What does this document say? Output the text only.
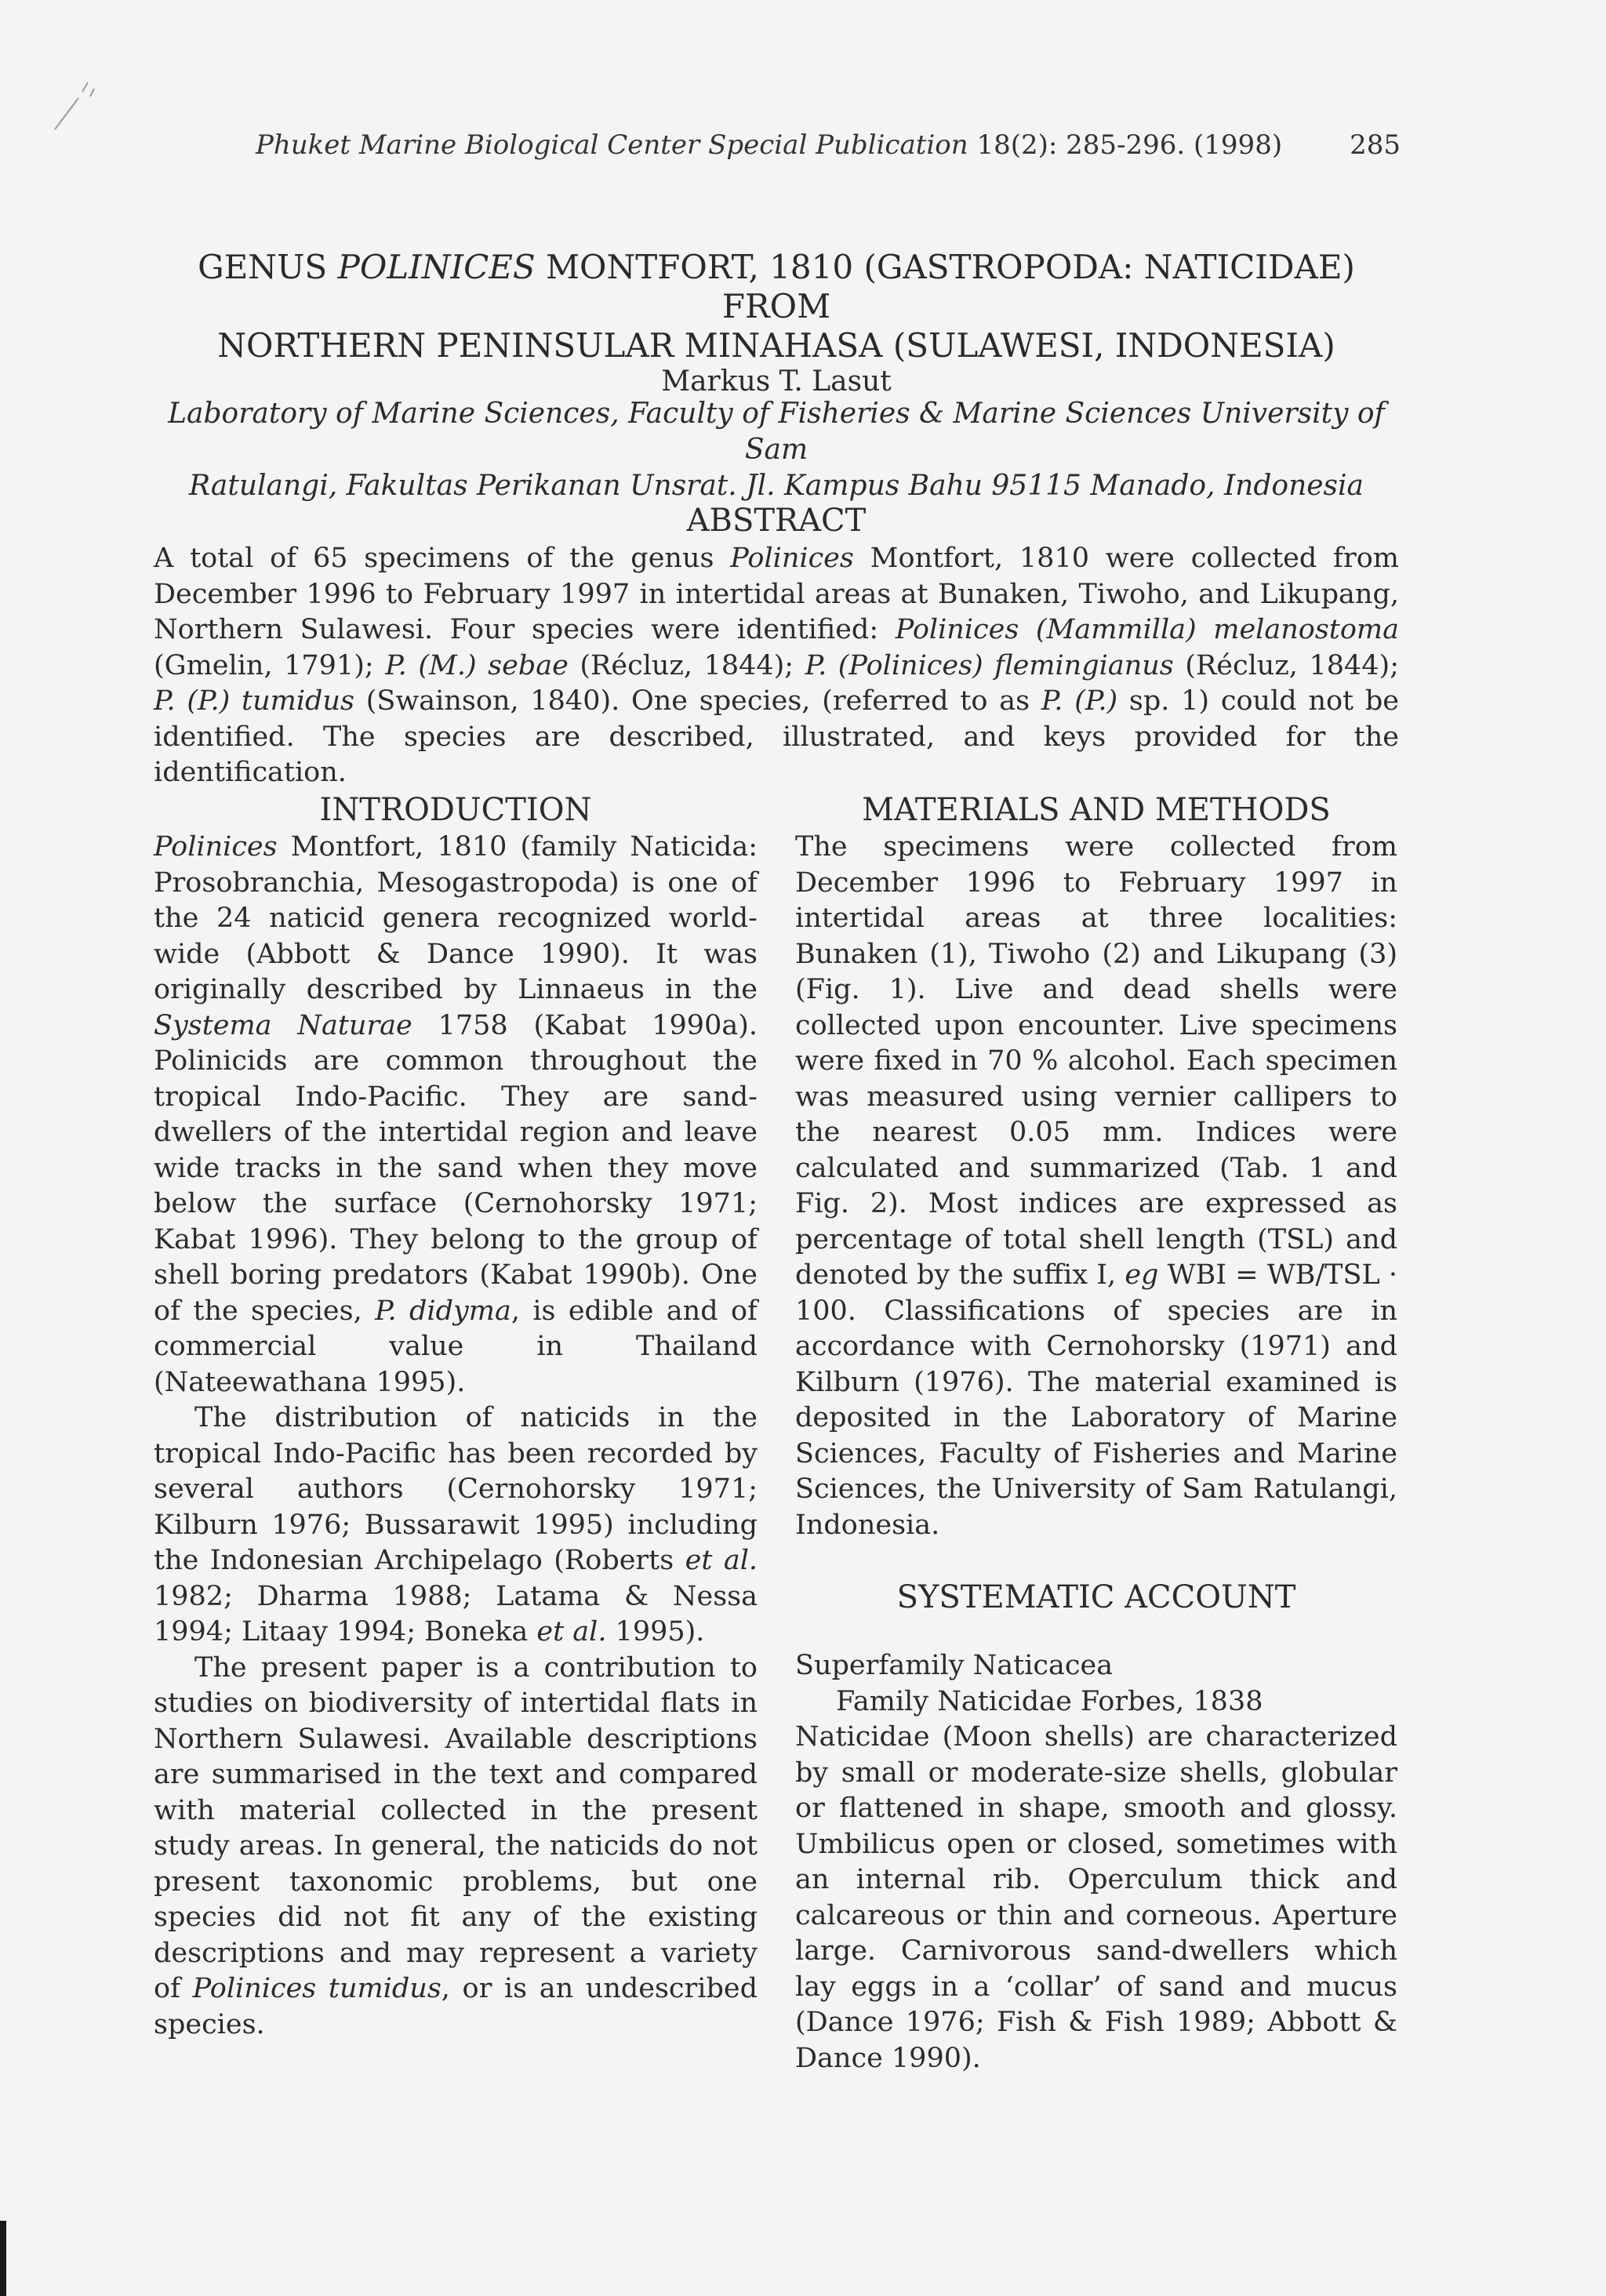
Phuket Marine Biological Center Special Publication 18(2): 285-296. (1998)	285
GENUS POLINICES MONTFORT, 1810 (GASTROPODA: NATICIDAE) FROM
NORTHERN PENINSULAR MINAHASA (SULAWESI, INDONESIA)
Markus T. Lasut
Laboratory of Marine Sciences, Faculty of Fisheries & Marine Sciences University of Sam
Ratulangi, Fakultas Perikanan Unsrat. Jl. Kampus Bahu 95115 Manado, Indonesia
ABSTRACT

A total of 65 specimens of the genus Polinices Montfort, 1810 were collected from December 1996 to February 1997 in intertidal areas at Bunaken, Tiwoho, and Likupang, Northern Sulawesi. Four species were identified: Polinices (Mammilla) melanostoma (Gmelin, 1791); P. (M.) sebae (Récluz, 1844); P. (Polinices) flemingianus (Récluz, 1844); P. (P.) tumidus (Swainson, 1840). One species, (referred to as P. (P.) sp. 1) could not be identified. The species are described, illustrated, and keys provided for the identification.

INTRODUCTION

Polinices Montfort, 1810 (family Naticida: Prosobranchia, Mesogastropoda) is one of the 24 naticid genera recognized world-wide (Abbott & Dance 1990). It was originally described by Linnaeus in the Systema Naturae 1758 (Kabat 1990a). Polinicids are common throughout the tropical Indo-Pacific. They are sand-dwellers of the intertidal region and leave wide tracks in the sand when they move below the surface (Cernohorsky 1971; Kabat 1996). They belong to the group of shell boring predators (Kabat 1990b). One of the species, P. didyma, is edible and of commercial value in Thailand (Nateewathana 1995).

The distribution of naticids in the tropical Indo-Pacific has been recorded by several authors (Cernohorsky 1971; Kilburn 1976; Bussarawit 1995) including the Indonesian Archipelago (Roberts et al. 1982; Dharma 1988; Latama & Nessa 1994; Litaay 1994; Boneka et al. 1995).

The present paper is a contribution to studies on biodiversity of intertidal flats in Northern Sulawesi. Available descriptions are summarised in the text and compared with material collected in the present study areas. In general, the naticids do not present taxonomic problems, but one species did not fit any of the existing descriptions and may represent a variety of Polinices tumidus, or is an undescribed species.

MATERIALS AND METHODS

The specimens were collected from December 1996 to February 1997 in intertidal areas at three localities: Bunaken (1), Tiwoho (2) and Likupang (3) (Fig. 1). Live and dead shells were collected upon encounter. Live specimens were fixed in 70 % alcohol. Each specimen was measured using vernier callipers to the nearest 0.05 mm. Indices were calculated and summarized (Tab. 1 and Fig. 2). Most indices are expressed as percentage of total shell length (TSL) and denoted by the suffix I, eg WBI = WB/TSL · 100. Classifications of species are in accordance with Cernohorsky (1971) and Kilburn (1976). The material examined is deposited in the Laboratory of Marine Sciences, Faculty of Fisheries and Marine Sciences, the University of Sam Ratulangi, Indonesia.

SYSTEMATIC ACCOUNT

Superfamily Naticacea

Family Naticidae Forbes, 1838

Naticidae (Moon shells) are characterized by small or moderate-size shells, globular or flattened in shape, smooth and glossy. Umbilicus open or closed, sometimes with an internal rib. Operculum thick and calcareous or thin and corneous. Aperture large. Carnivorous sand-dwellers which lay eggs in a ‘collar’ of sand and mucus (Dance 1976; Fish & Fish 1989; Abbott & Dance 1990).
